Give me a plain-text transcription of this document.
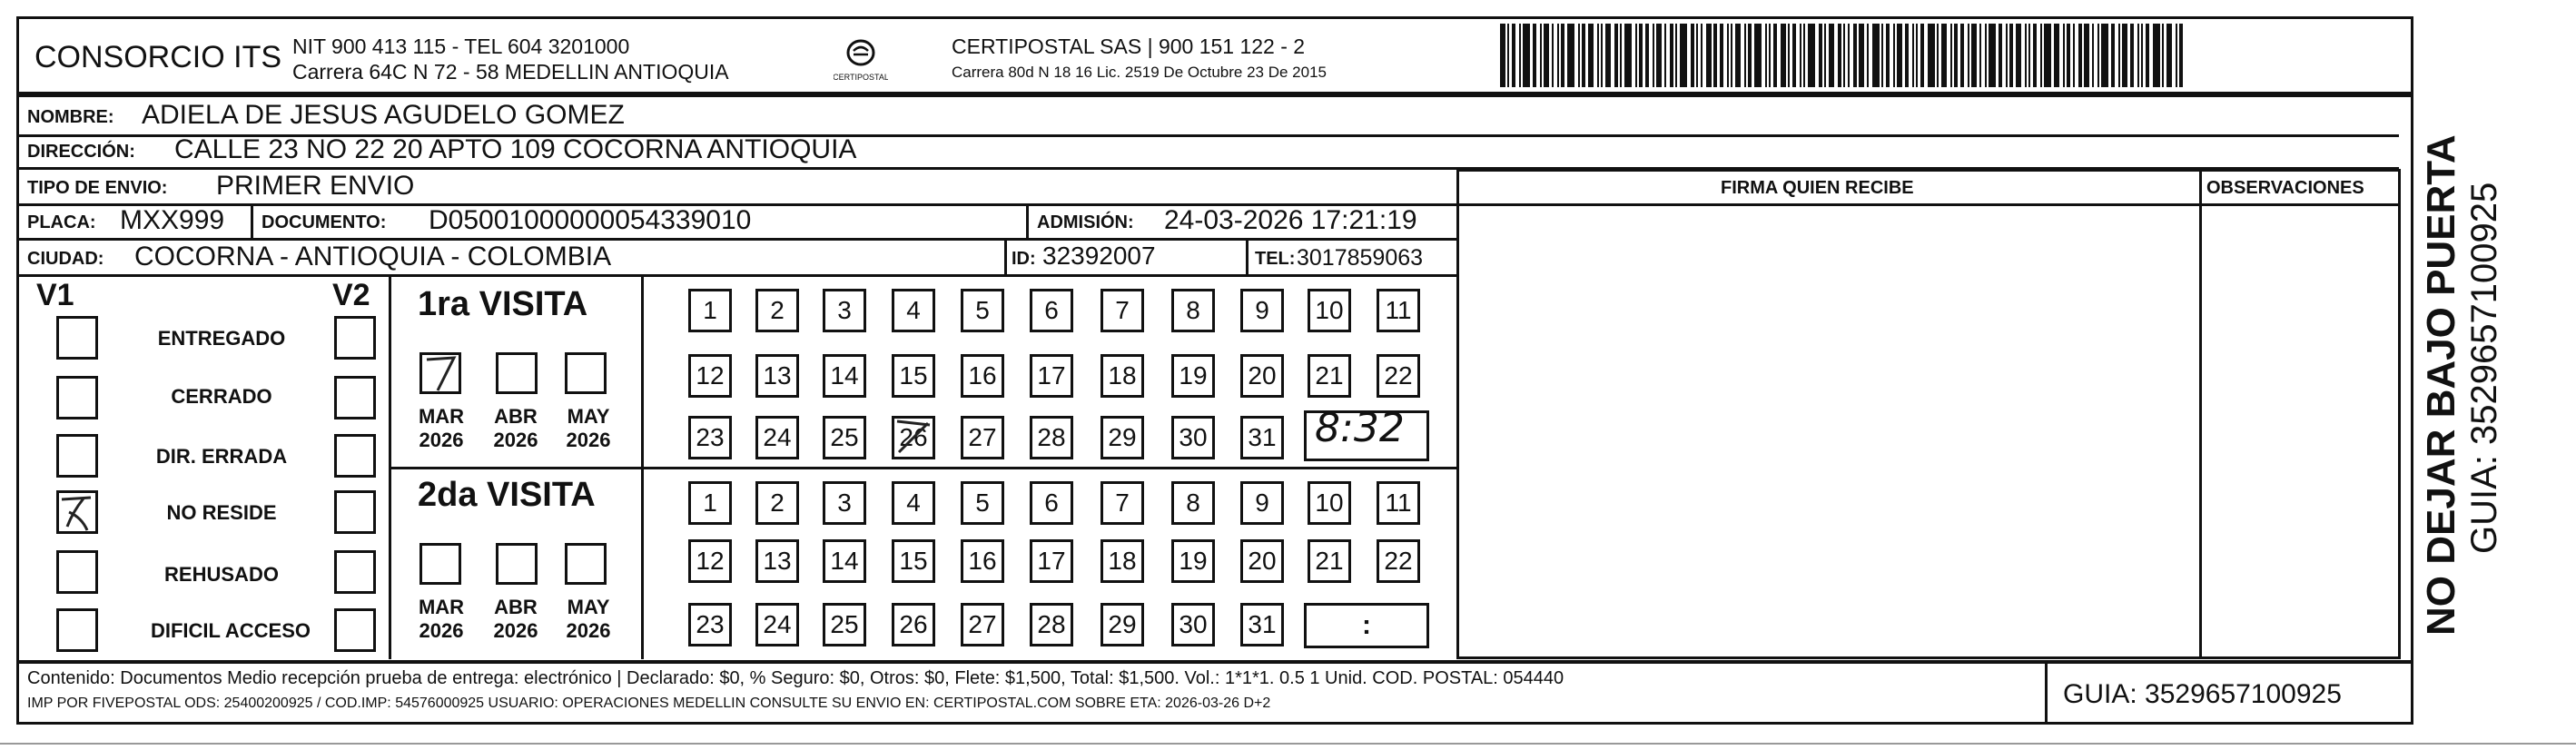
CONSORCIO ITS NIT 900 413 115 - TEL 604 3201000
Carrera 64C N 72 - 58 MEDELLIN ANTIOQUIA	CERTIPOSTAL
CERTIPOSTAL SAS | 900 151 122 - 2
Carrera 80d N 18 16 Lic. 2519 De Octubre 23 De 2015
NOMBRE: ADIELA DE JESUS AGUDELO GOMEZ
DIRECCIÓN: CALLE 23 NO 22 20 APTO 109 COCORNA ANTIOQUIA
TIPO DE ENVIO: PRIMER ENVIO	FIRMA QUIEN RECIBE	OBSERVACIONES
PLACA: MXX999 DOCUMENTO: D05001000000054339010	ADMISIÓN: 24-03-2026 17:21:19
CIUDAD: COCORNA - ANTIOQUIA - COLOMBIA	ID: 32392007	TEL: 3017859063
V1	V2
ENTREGADO
CERRADO
DIR. ERRADA
NO RESIDE
REHUSADO
DIFICIL ACCESO
1ra VISITA
MAR
2026
ABR
2026
MAY
2026
2da VISITA
MAR
2026
ABR
2026
MAY
2026
1	2	3	4	5	6	7	8	9	10	11
12	13	14	15	16	17	18	19	20	21	22
23	24	25	26	27	28	29	30	31
1	2	3	4	5	6	7	8	9	10	11
12	13	14	15	16	17	18	19	20	21	22
23	24	25	26	27	28	29	30	31
8:32
:
Contenido: Documentos Medio recepción prueba de entrega: electrónico | Declarado: $0, % Seguro: $0, Otros: $0, Flete: $1,500, Total: $1,500. Vol.: 1*1*1. 0.5 1 Unid. COD. POSTAL: 054440
IMP POR FIVEPOSTAL ODS: 25400200925 / COD.IMP: 54576000925 USUARIO: OPERACIONES MEDELLIN CONSULTE SU ENVIO EN: CERTIPOSTAL.COM SOBRE ETA: 2026-03-26 D+2	GUIA: 3529657100925
NO DEJAR BAJO PUERTA GUIA: 3529657100925
